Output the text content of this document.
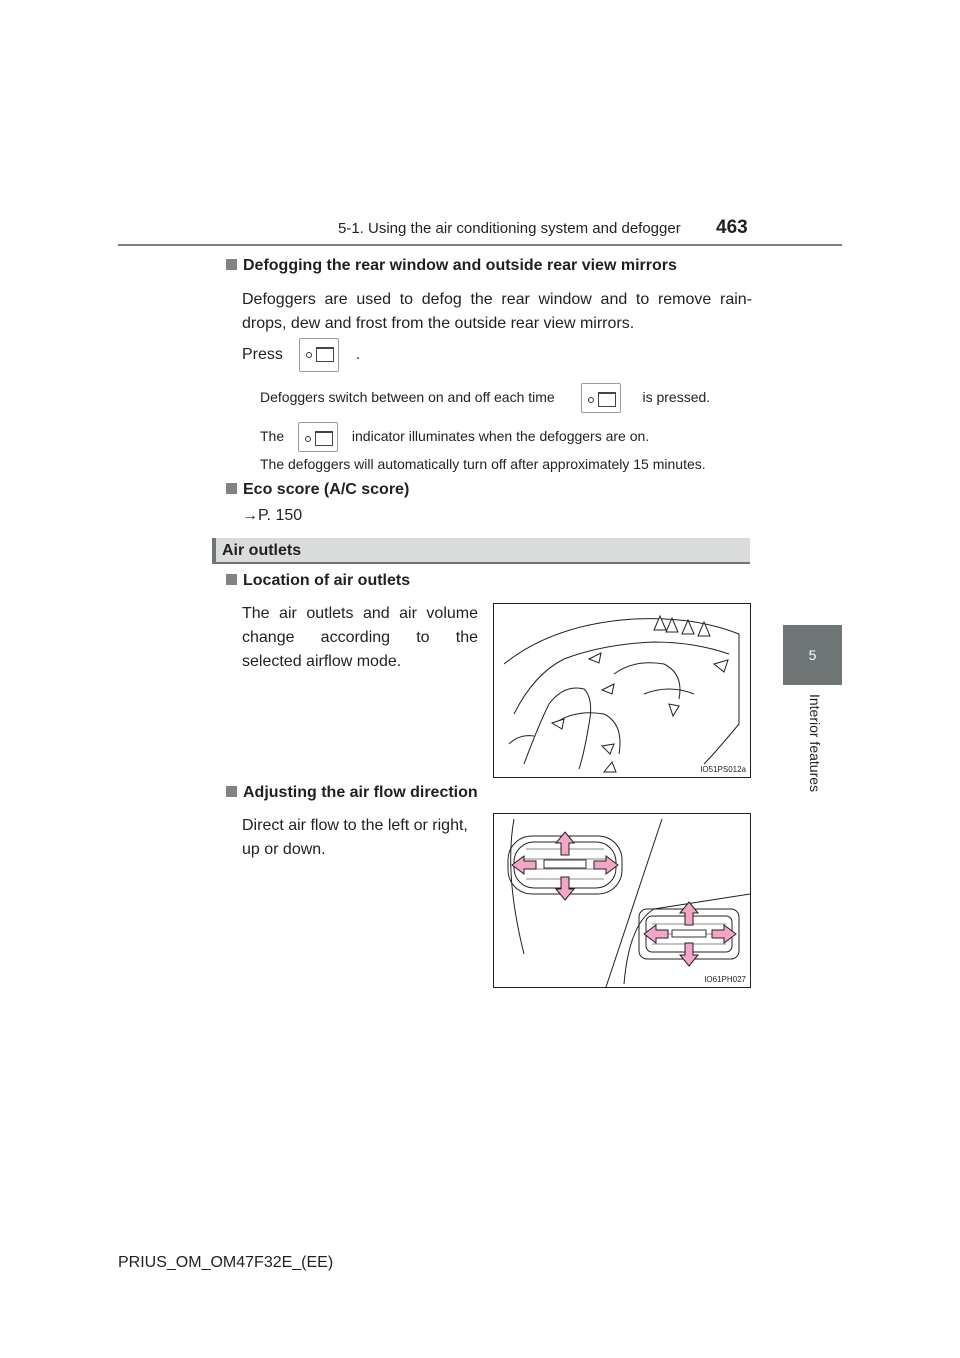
5-1. Using the air conditioning system and defogger 463
5
Interior features
Defogging the rear window and outside rear view mirrors
Defoggers are used to defog the rear window and to remove rain-
drops, dew and frost from the outside rear view mirrors.
Press	.
Defoggers switch between on and off each time	is pressed.
The	indicator illuminates when the defoggers are on.
The defoggers will automatically turn off after approximately 15 minutes.
Eco score (A/C score)
→P. 150
Air outlets
Location of air outlets
The air outlets and air volume
change according to the
selected airflow mode.
IO51PS012a
Adjusting the air flow direction
Direct air flow to the left or right,
up or down.
IO61PH027
PRIUS_OM_OM47F32E_(EE)
